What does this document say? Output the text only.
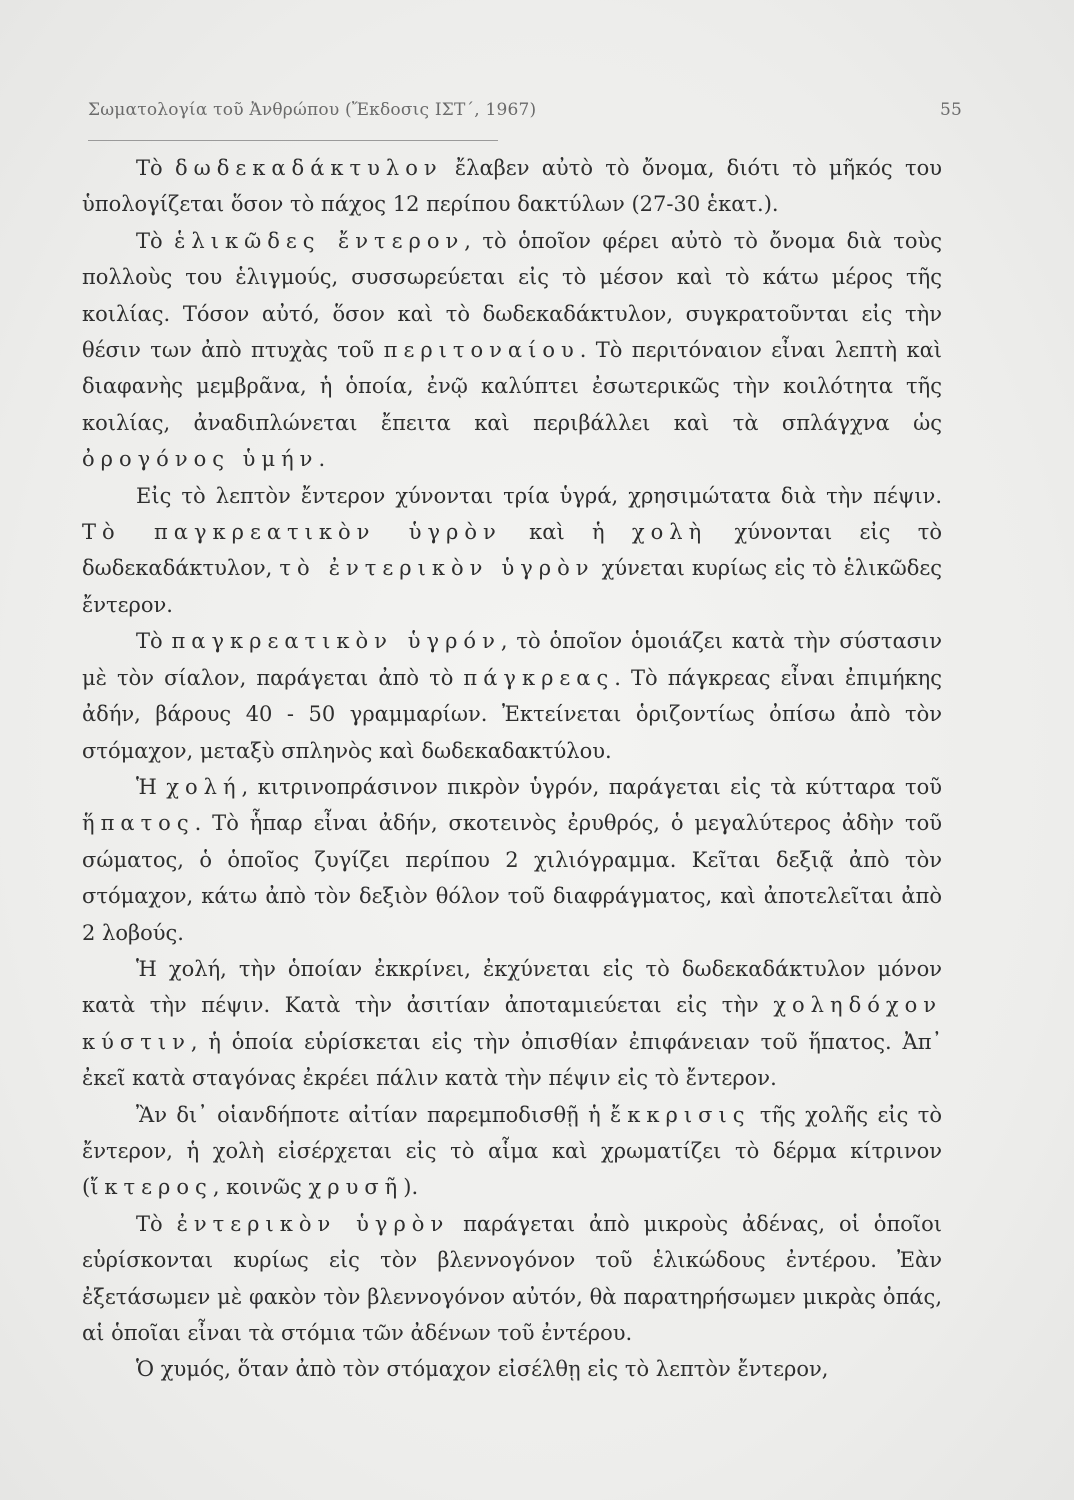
Σωματολογία τοῦ Ἀνθρώπου (Ἔκδοσις ΙΣΤ΄, 1967)	55

Τὸ δωδεκαδάκτυλον ἔλαβεν αὐτὸ τὸ ὄνομα, διότι τὸ μῆκός του ὑπολογίζεται ὅσον τὸ πάχος 12 περίπου δακτύλων (27-30 ἑκατ.).

Τὸ ἑλικῶδες ἔντερον, τὸ ὁποῖον φέρει αὐτὸ τὸ ὄνομα διὰ τοὺς πολλοὺς του ἑλιγμούς, συσσωρεύεται εἰς τὸ μέσον καὶ τὸ κάτω μέρος τῆς κοιλίας. Τόσον αὐτό, ὅσον καὶ τὸ δωδεκαδάκτυλον, συγκρατοῦνται εἰς τὴν θέσιν των ἀπὸ πτυχὰς τοῦ περιτοναίου. Τὸ περιτόναιον εἶναι λεπτὴ καὶ διαφανὴς μεμβρᾶνα, ἡ ὁποία, ἐνῷ καλύπτει ἐσωτερικῶς τὴν κοιλότητα τῆς κοιλίας, ἀναδιπλώνεται ἔπειτα καὶ περιβάλλει καὶ τὰ σπλάγχνα ὡς ὀρογόνος ὑμήν.

Εἰς τὸ λεπτὸν ἔντερον χύνονται τρία ὑγρά, χρησιμώτατα διὰ τὴν πέψιν. Τὸ παγκρεατικὸν ὑγρὸν καὶ ἡ χολὴ χύνονται εἰς τὸ δωδεκαδάκτυλον, τὸ ἐντερικὸν ὑγρὸν χύνεται κυρίως εἰς τὸ ἑλικῶδες ἔντερον.

Τὸ παγκρεατικὸν ὑγρόν, τὸ ὁποῖον ὁμοιάζει κατὰ τὴν σύστασιν μὲ τὸν σίαλον, παράγεται ἀπὸ τὸ πάγκρεας. Τὸ πάγκρεας εἶναι ἐπιμήκης ἀδήν, βάρους 40 - 50 γραμμαρίων. Ἐκτείνεται ὁριζοντίως ὀπίσω ἀπὸ τὸν στόμαχον, μεταξὺ σπληνὸς καὶ δωδεκαδακτύλου.

Ἡ χολή, κιτρινοπράσινον πικρὸν ὑγρόν, παράγεται εἰς τὰ κύτταρα τοῦ ἥπατος. Τὸ ἧπαρ εἶναι ἀδήν, σκοτεινὸς ἐρυθρός, ὁ μεγαλύτερος ἀδὴν τοῦ σώματος, ὁ ὁποῖος ζυγίζει περίπου 2 χιλιόγραμμα. Κεῖται δεξιᾷ ἀπὸ τὸν στόμαχον, κάτω ἀπὸ τὸν δεξιὸν θόλον τοῦ διαφράγματος, καὶ ἀποτελεῖται ἀπὸ 2 λοβούς.

Ἡ χολή, τὴν ὁποίαν ἐκκρίνει, ἐκχύνεται εἰς τὸ δωδεκαδάκτυλον μόνον κατὰ τὴν πέψιν. Κατὰ τὴν ἀσιτίαν ἀποταμιεύεται εἰς τὴν χοληδόχον κύστιν, ἡ ὁποία εὑρίσκεται εἰς τὴν ὀπισθίαν ἐπιφάνειαν τοῦ ἥπατος. Ἀπ᾽ ἐκεῖ κατὰ σταγόνας ἐκρέει πάλιν κατὰ τὴν πέψιν εἰς τὸ ἔντερον.

Ἂν δι᾽ οἱανδήποτε αἰτίαν παρεμποδισθῇ ἡ ἔκκρισις τῆς χολῆς εἰς τὸ ἔντερον, ἡ χολὴ εἰσέρχεται εἰς τὸ αἷμα καὶ χρωματίζει τὸ δέρμα κίτρινον (ἴκτερος, κοινῶς χρυσῆ).

Τὸ ἐντερικὸν ὑγρὸν παράγεται ἀπὸ μικροὺς ἀδένας, οἱ ὁποῖοι εὑρίσκονται κυρίως εἰς τὸν βλεννογόνον τοῦ ἑλικώδους ἐντέρου. Ἐὰν ἐξετάσωμεν μὲ φακὸν τὸν βλεννογόνον αὐτόν, θὰ παρατηρήσωμεν μικρὰς ὀπάς, αἱ ὁποῖαι εἶναι τὰ στόμια τῶν ἀδένων τοῦ ἐντέρου.

Ὁ χυμός, ὅταν ἀπὸ τὸν στόμαχον εἰσέλθῃ εἰς τὸ λεπτὸν ἔντερον,
